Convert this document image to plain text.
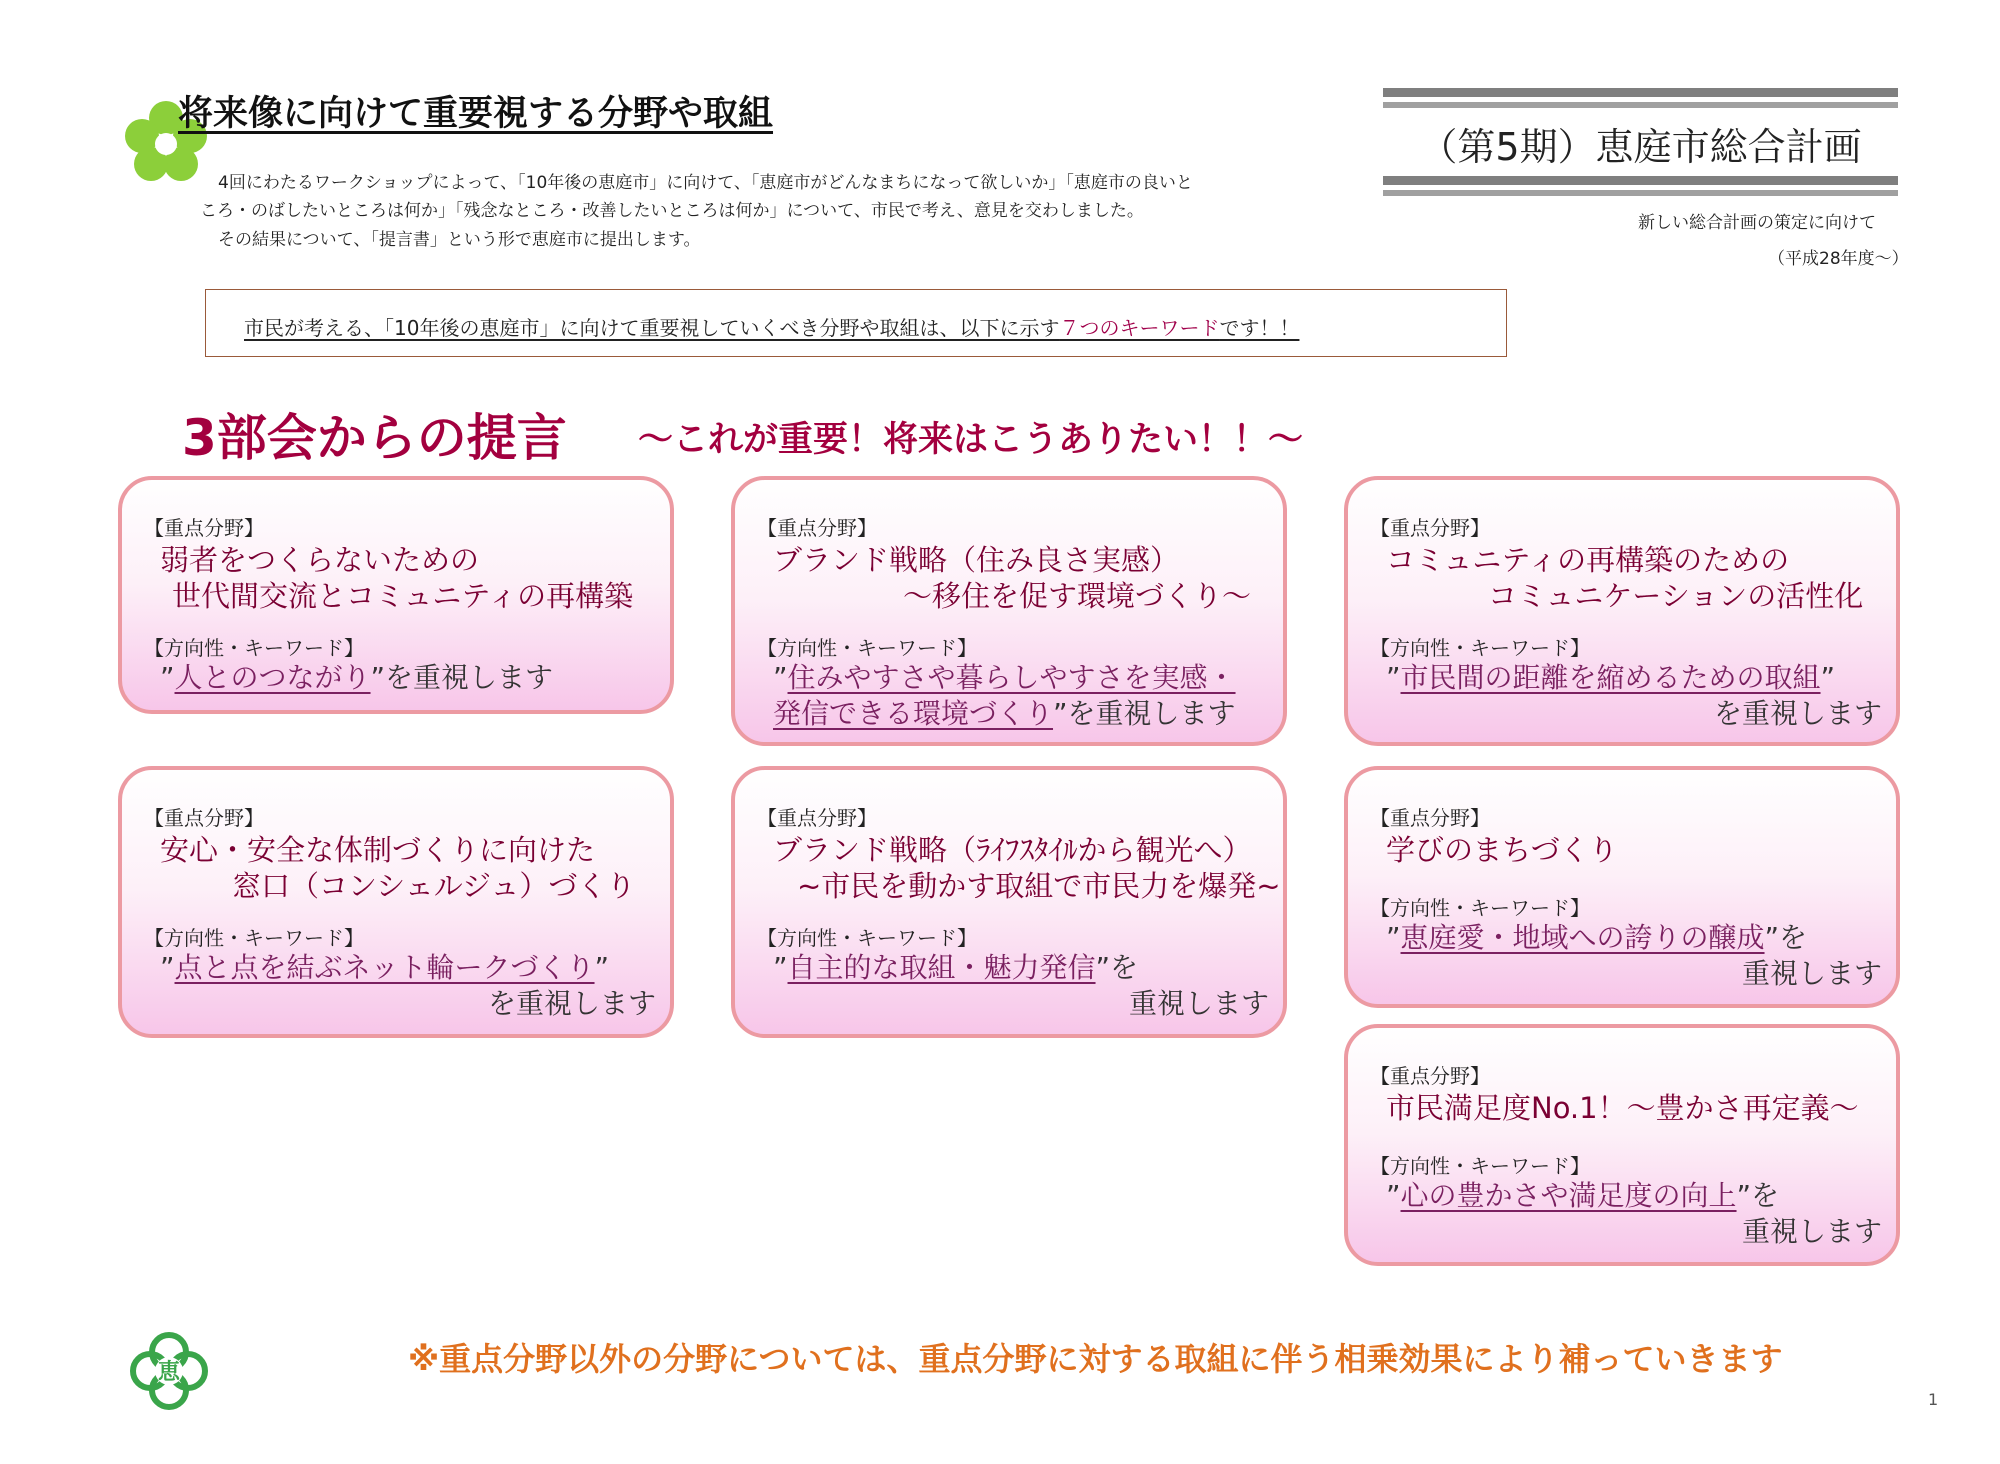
将来像に向けて重要視する分野や取組
4回にわたるワークショップによって、「10年後の恵庭市」に向けて、「恵庭市がどんなまちになって欲しいか」「恵庭市の良いと
ころ・のばしたいところは何か」「残念なところ・改善したいところは何か」について、市民で考え、意見を交わしました。
その結果について、「提言書」という形で恵庭市に提出します。
（第5期）恵庭市総合計画
新しい総合計画の策定に向けて
（平成28年度～）
市民が考える、「10年後の恵庭市」に向けて重要視していくべき分野や取組は、以下に示す７つのキーワードです！！
3部会からの提言 ～これが重要！将来はこうありたい！！～
【重点分野】
弱者をつくらないための
世代間交流とコミュニティの再構築
【方向性・キーワード】
”人とのつながり”を重視します
【重点分野】
ブランド戦略（住み良さ実感）
～移住を促す環境づくり～
【方向性・キーワード】
”住みやすさや暮らしやすさを実感・
発信できる環境づくり”を重視します
【重点分野】
コミュニティの再構築のための
コミュニケーションの活性化
【方向性・キーワード】
”市民間の距離を縮めるための取組”
を重視します
【重点分野】
安心・安全な体制づくりに向けた
窓口（コンシェルジュ）づくり
【方向性・キーワード】
”点と点を結ぶネット輪ークづくり”
を重視します
【重点分野】
ブランド戦略（ﾗｲﾌｽﾀｲﾙから観光へ）
~市民を動かす取組で市民力を爆発~
【方向性・キーワード】
”自主的な取組・魅力発信”を
重視します
【重点分野】
学びのまちづくり
【方向性・キーワード】
”恵庭愛・地域への誇りの醸成”を
重視します
【重点分野】
市民満足度No.1！～豊かさ再定義～
【方向性・キーワード】
”心の豊かさや満足度の向上”を
重視します
恵	※重点分野以外の分野については、重点分野に対する取組に伴う相乗効果により補っていきます
1
